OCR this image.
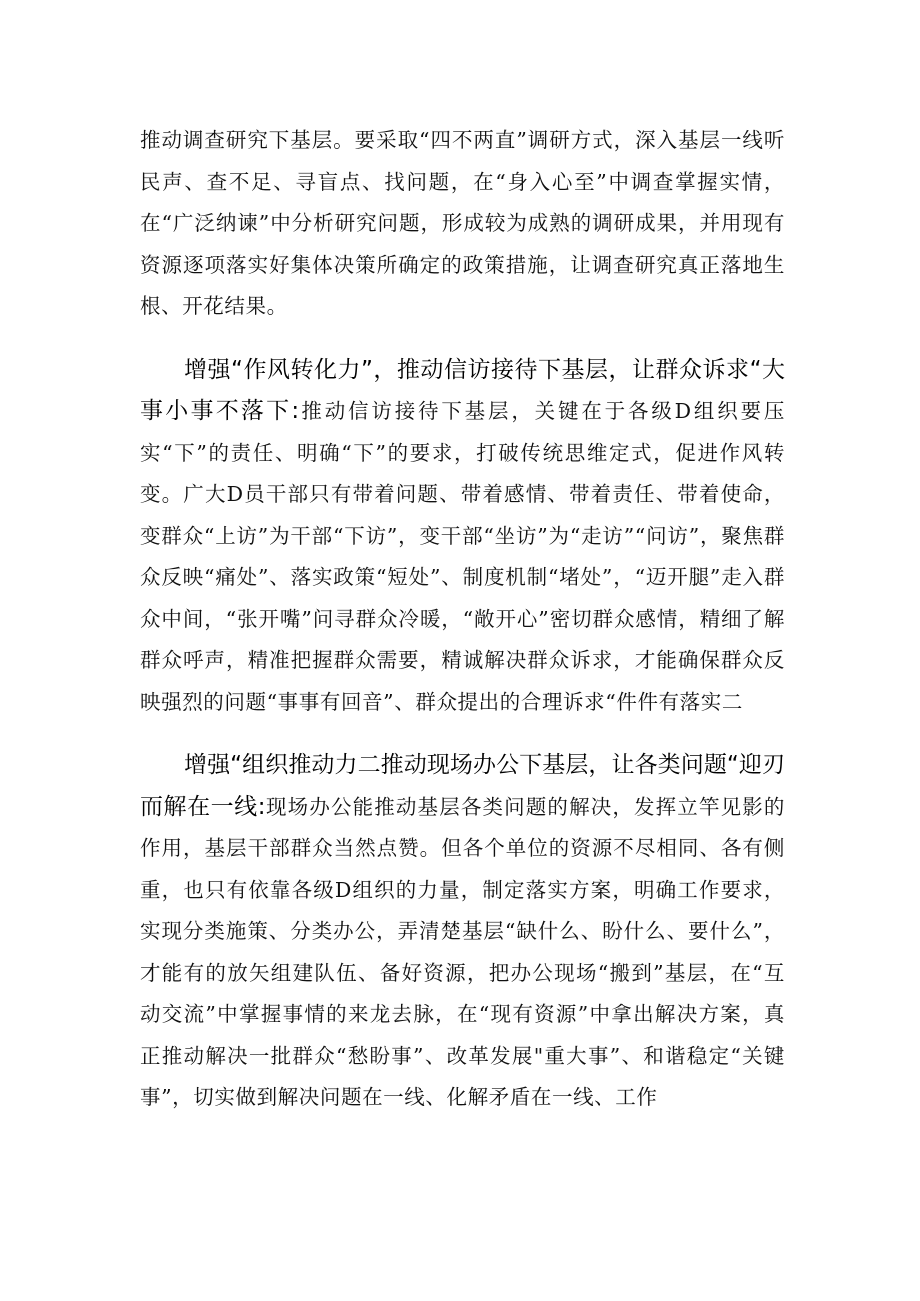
推动调查研究下基层。要采取“四不两直”调研方式，深入基层一线听民声、查不足、寻盲点、找问题，在“身入心至”中调查掌握实情，在“广泛纳谏”中分析研究问题，形成较为成熟的调研成果，并用现有资源逐项落实好集体决策所确定的政策措施，让调查研究真正落地生根、开花结果。

增强“作风转化力”，推动信访接待下基层，让群众诉求“大事小事不落下:推动信访接待下基层，关键在于各级D组织要压实“下”的责任、明确“下”的要求，打破传统思维定式，促进作风转变。广大D员干部只有带着问题、带着感情、带着责任、带着使命，变群众“上访”为干部“下访”，变干部“坐访”为“走访”“问访”，聚焦群众反映“痛处”、落实政策“短处”、制度机制“堵处”，“迈开腿”走入群众中间，“张开嘴”问寻群众冷暖，“敞开心”密切群众感情，精细了解群众呼声，精准把握群众需要，精诚解决群众诉求，才能确保群众反映强烈的问题“事事有回音”、群众提出的合理诉求“件件有落实二

增强“组织推动力二推动现场办公下基层，让各类问题“迎刃而解在一线:现场办公能推动基层各类问题的解决，发挥立竿见影的作用，基层干部群众当然点赞。但各个单位的资源不尽相同、各有侧重，也只有依靠各级D组织的力量，制定落实方案，明确工作要求，实现分类施策、分类办公，弄清楚基层“缺什么、盼什么、要什么”，才能有的放矢组建队伍、备好资源，把办公现场“搬到”基层，在“互动交流”中掌握事情的来龙去脉，在“现有资源”中拿出解决方案，真正推动解决一批群众“愁盼事”、改革发展"重大事”、和谐稳定“关键事”，切实做到解决问题在一线、化解矛盾在一线、工作
